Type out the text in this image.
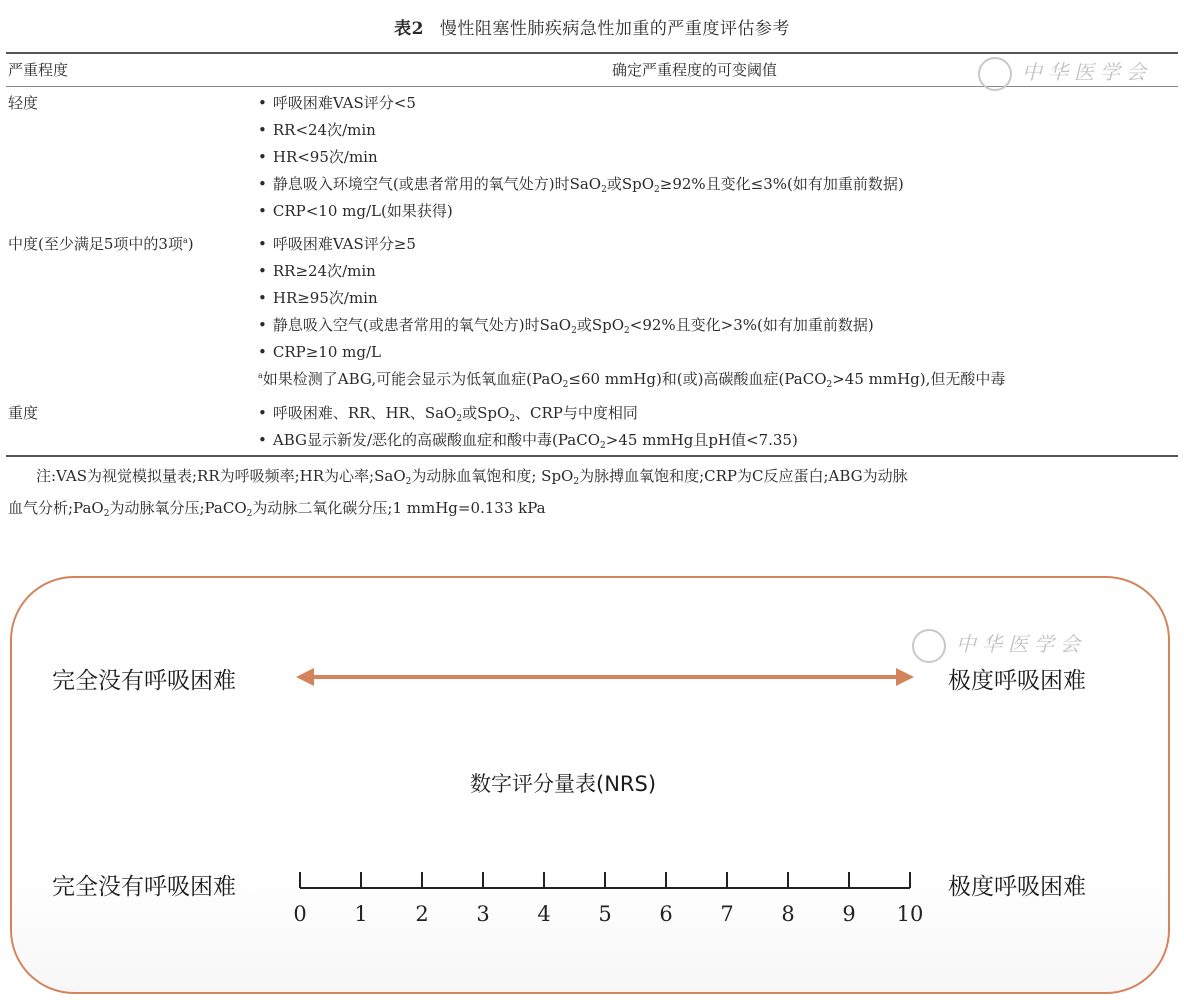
表2 慢性阻塞性肺疾病急性加重的严重度评估参考
严重程度	确定严重程度的可变阈值	中华医学会
轻度	• 呼吸困难VAS评分<5
• RR<24次/min
• HR<95次/min
• 静息吸入环境空气(或患者常用的氧气处方)时SaO$_2$或SpO$_2$≥92%且变化≤3%(如有加重前数据)
• CRP<10 mg/L(如果获得)
中度(至少满足5项中的3项$^a$)	• 呼吸困难VAS评分≥5
• RR≥24次/min
• HR≥95次/min
• 静息吸入空气(或患者常用的氧气处方)时SaO$_2$或SpO$_2$<92%且变化>3%(如有加重前数据)
• CRP≥10 mg/L
$^a$如果检测了ABG,可能会显示为低氧血症(PaO$_2$≤60 mmHg)和(或)高碳酸血症(PaCO$_2$>45 mmHg),但无酸中毒
重度	• 呼吸困难、RR、HR、SaO$_2$或SpO$_2$、CRP与中度相同
• ABG显示新发/恶化的高碳酸血症和酸中毒(PaCO$_2$>45 mmHg且pH值<7.35)
注:VAS为视觉模拟量表;RR为呼吸频率;HR为心率;SaO$_2$为动脉血氧饱和度; SpO$_2$为脉搏血氧饱和度;CRP为C反应蛋白;ABG为动脉
血气分析;PaO$_2$为动脉氧分压;PaCO$_2$为动脉二氧化碳分压;1 mmHg=0.133 kPa
中华医学会
完全没有呼吸困难	极度呼吸困难
数字评分量表(NRS)
完全没有呼吸困难	极度呼吸困难
0	1	2	3	4	5	6	7	8	9	10
